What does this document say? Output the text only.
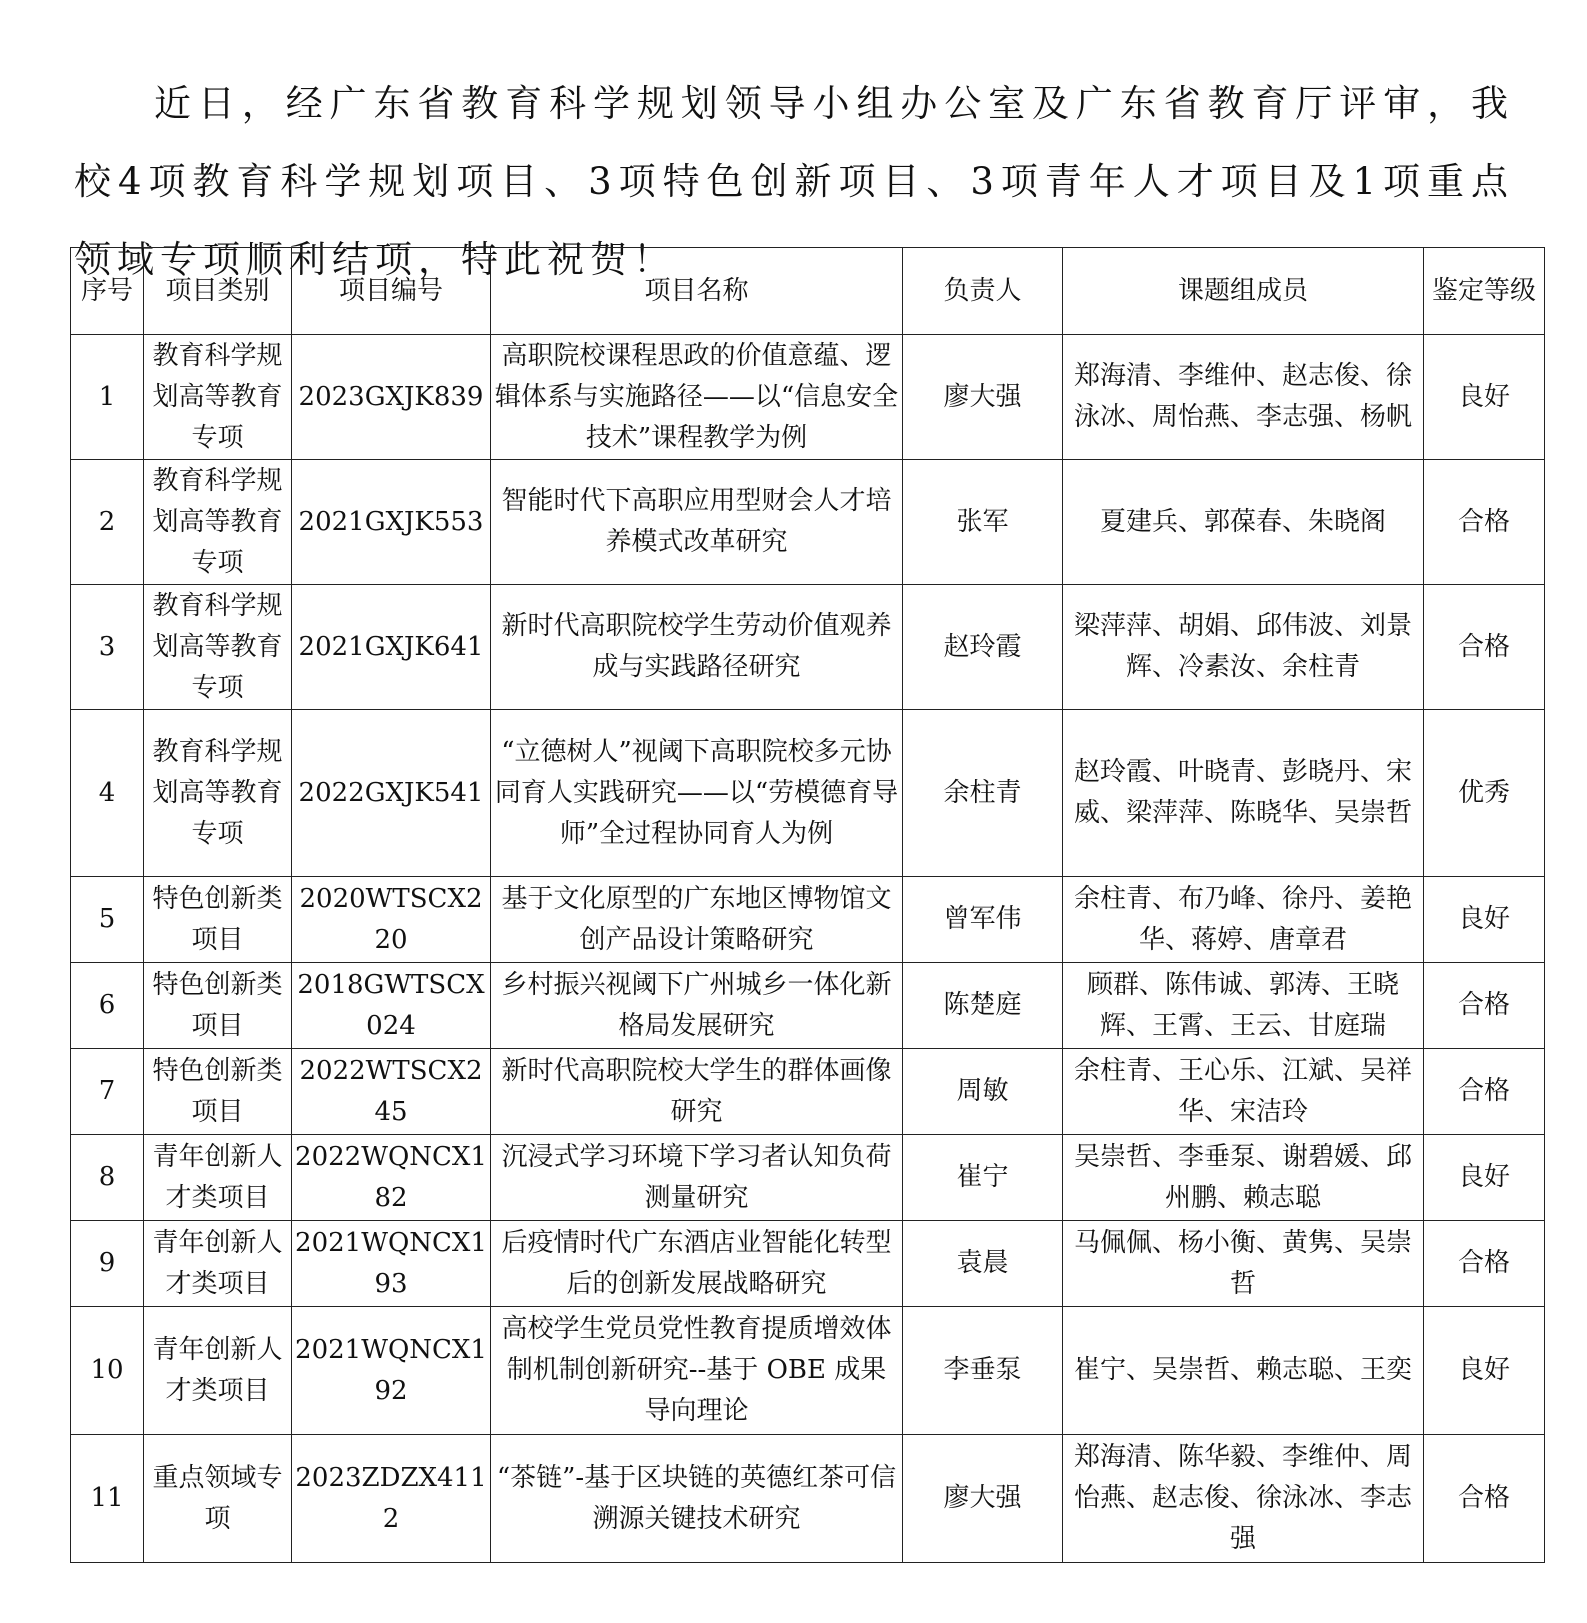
近日，经广东省教育科学规划领导小组办公室及广东省教育厅评审，我校4项教育科学规划项目、3项特色创新项目、3项青年人才项目及1项重点领域专项顺利结项，特此祝贺！

序号	项目类别	项目编号	项目名称	负责人	课题组成员	鉴定等级
1	教育科学规划高等教育专项	2023GXJK839	高职院校课程思政的价值意蕴、逻辑体系与实施路径——以“信息安全技术”课程教学为例	廖大强	郑海清、李维仲、赵志俊、徐泳冰、周怡燕、李志强、杨帆	良好
2	教育科学规划高等教育专项	2021GXJK553	智能时代下高职应用型财会人才培养模式改革研究	张军	夏建兵、郭葆春、朱晓阁	合格
3	教育科学规划高等教育专项	2021GXJK641	新时代高职院校学生劳动价值观养成与实践路径研究	赵玲霞	梁萍萍、胡娟、邱伟波、刘景辉、冷素汝、余柱青	合格
4	教育科学规划高等教育专项	2022GXJK541	“立德树人”视阈下高职院校多元协　同育人实践研究——以“劳模德育导师”全过程协同育人为例	余柱青	赵玲霞、叶晓青、彭晓丹、宋威、梁萍萍、陈晓华、吴崇哲	优秀
5	特色创新类项目	2020WTSCX220	基于文化原型的广东地区博物馆文创产品设计策略研究	曾军伟	余柱青、布乃峰、徐丹、姜艳华、蒋婷、唐章君	良好
6	特色创新类项目	2018GWTSCX024	乡村振兴视阈下广州城乡一体化新格局发展研究	陈楚庭	顾群、陈伟诚、郭涛、王晓辉、王霄、王云、甘庭瑞	合格
7	特色创新类项目	2022WTSCX245	新时代高职院校大学生的群体画像研究	周敏	余柱青、王心乐、江斌、吴祥华、宋洁玲	合格
8	青年创新人才类项目	2022WQNCX182	沉浸式学习环境下学习者认知负荷测量研究	崔宁	吴崇哲、李垂泵、谢碧媛、邱州鹏、赖志聪	良好
9	青年创新人才类项目	2021WQNCX193	后疫情时代广东酒店业智能化转型后的创新发展战略研究	袁晨	马佩佩、杨小衡、黄隽、吴崇哲	合格
10	青年创新人才类项目	2021WQNCX192	高校学生党员党性教育提质增效体制机制创新研究--基于 OBE 成果导向理论	李垂泵	崔宁、吴崇哲、赖志聪、王奕	良好
11	重点领域专项	2023ZDZX4112	“茶链”-基于区块链的英德红茶可信溯源关键技术研究	廖大强	郑海清、陈华毅、李维仲、周怡燕、赵志俊、徐泳冰、李志强	合格
